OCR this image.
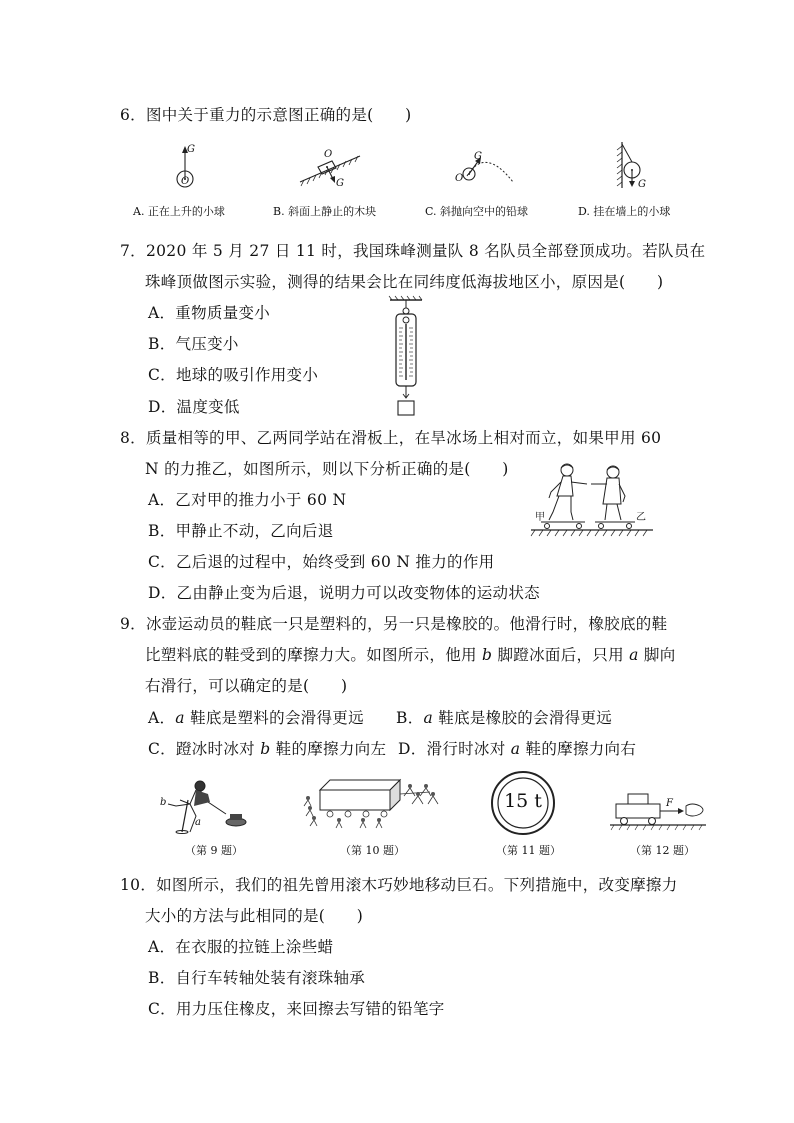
6．图中关于重力的示意图正确的是(　　)
G
O
O
G
G
O
G
A. 正在上升的小球	B. 斜面上静止的木块	C. 斜抛向空中的铅球	D. 挂在墙上的小球
7．2020 年 5 月 27 日 11 时，我国珠峰测量队 8 名队员全部登顶成功。若队员在
珠峰顶做图示实验，测得的结果会比在同纬度低海拔地区小，原因是(　　)
A．重物质量变小
B．气压变小
C．地球的吸引作用变小
D．温度变低
8．质量相等的甲、乙两同学站在滑板上，在旱冰场上相对而立，如果甲用 60
N 的力推乙，如图所示，则以下分析正确的是(　　)
A．乙对甲的推力小于 60 N
B．甲静止不动，乙向后退
C．乙后退的过程中，始终受到 60 N 推力的作用
D．乙由静止变为后退，说明力可以改变物体的运动状态
甲	乙
9．冰壶运动员的鞋底一只是塑料的，另一只是橡胶的。他滑行时，橡胶底的鞋
比塑料底的鞋受到的摩擦力大。如图所示，他用 b 脚蹬冰面后，只用 a 脚向
右滑行，可以确定的是(　　)
A．a 鞋底是塑料的会滑得更远 B．a 鞋底是橡胶的会滑得更远
C．蹬冰时冰对 b 鞋的摩擦力向左 D．滑行时冰对 a 鞋的摩擦力向右
b
a
（第 9 题）	（第 10 题）
15 t
（第 11 题）
F
（第 12 题）
10．如图所示，我们的祖先曾用滚木巧妙地移动巨石。下列措施中，改变摩擦力
大小的方法与此相同的是(　　)
A．在衣服的拉链上涂些蜡
B．自行车转轴处装有滚珠轴承
C．用力压住橡皮，来回擦去写错的铅笔字
